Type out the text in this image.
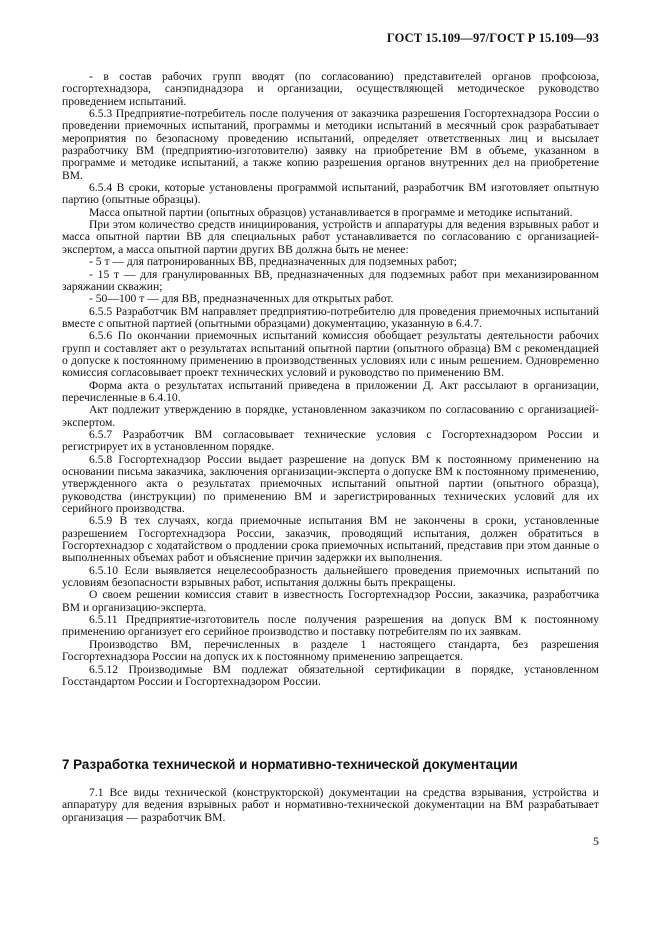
ГОСТ 15.109—97/ГОСТ Р 15.109—93

- в состав рабочих групп вводят (по согласованию) представителей органов профсоюза, госгортехнадзора, санэпиднадзора и организации, осуществляющей методическое руководство проведением испытаний.

6.5.3 Предприятие-потребитель после получения от заказчика разрешения Госгортехнадзора России о проведении приемочных испытаний, программы и методики испытаний в месячный срок разрабатывает мероприятия по безопасному проведению испытаний, определяет ответственных лиц и высылает разработчику ВМ (предприятию-изготовителю) заявку на приобретение ВМ в объеме, указанном в программе и методике испытаний, а также копию разрешения органов внутренних дел на приобретение ВМ.

6.5.4 В сроки, которые установлены программой испытаний, разработчик ВМ изготовляет опытную партию (опытные образцы).

Масса опытной партии (опытных образцов) устанавливается в программе и методике испытаний.

При этом количество средств инициирования, устройств и аппаратуры для ведения взрывных работ и масса опытной партии ВВ для специальных работ устанавливается по согласованию с организацией-экспертом, а масса опытной партии других ВВ должна быть не менее:

- 5 т — для патронированных ВВ, предназначенных для подземных работ;

- 15 т — для гранулированных ВВ, предназначенных для подземных работ при механизированном заряжании скважин;

- 50—100 т — для ВВ, предназначенных для открытых работ.

6.5.5 Разработчик ВМ направляет предприятию-потребителю для проведения приемочных испытаний вместе с опытной партией (опытными образцами) документацию, указанную в 6.4.7.

6.5.6 По окончании приемочных испытаний комиссия обобщает результаты деятельности рабочих групп и составляет акт о результатах испытаний опытной партии (опытного образца) ВМ с рекомендацией о допуске к постоянному применению в производственных условиях или с иным решением. Одновременно комиссия согласовывает проект технических условий и руководство по применению ВМ.

Форма акта о результатах испытаний приведена в приложении Д. Акт рассылают в организации, перечисленные в 6.4.10.

Акт подлежит утверждению в порядке, установленном заказчиком по согласованию с организацией-экспертом.

6.5.7 Разработчик ВМ согласовывает технические условия с Госгортехнадзором России и регистрирует их в установленном порядке.

6.5.8 Госгортехнадзор России выдает разрешение на допуск ВМ к постоянному применению на основании письма заказчика, заключения организации-эксперта о допуске ВМ к постоянному применению, утвержденного акта о результатах приемочных испытаний опытной партии (опытного образца), руководства (инструкции) по применению ВМ и зарегистрированных технических условий для их серийного производства.

6.5.9 В тех случаях, когда приемочные испытания ВМ не закончены в сроки, установленные разрешением Госгортехнадзора России, заказчик, проводящий испытания, должен обратиться в Госгортехнадзор с ходатайством о продлении срока приемочных испытаний, представив при этом данные о выполненных объемах работ и объяснение причин задержки их выполнения.

6.5.10 Если выявляется нецелесообразность дальнейшего проведения приемочных испытаний по условиям безопасности взрывных работ, испытания должны быть прекращены.

О своем решении комиссия ставит в известность Госгортехнадзор России, заказчика, разработчика ВМ и организацию-эксперта.

6.5.11 Предприятие-изготовитель после получения разрешения на допуск ВМ к постоянному применению организует его серийное производство и поставку потребителям по их заявкам.

Производство ВМ, перечисленных в разделе 1 настоящего стандарта, без разрешения Госгортехнадзора России на допуск их к постоянному применению запрещается.

6.5.12 Производимые ВМ подлежат обязательной сертификации в порядке, установленном Госстандартом России и Госгортехнадзором России.

7 Разработка технической и нормативно-технической документации

7.1 Все виды технической (конструкторской) документации на средства взрывания, устройства и аппаратуру для ведения взрывных работ и нормативно-технической документации на ВМ разрабатывает организация — разработчик ВМ.

5
